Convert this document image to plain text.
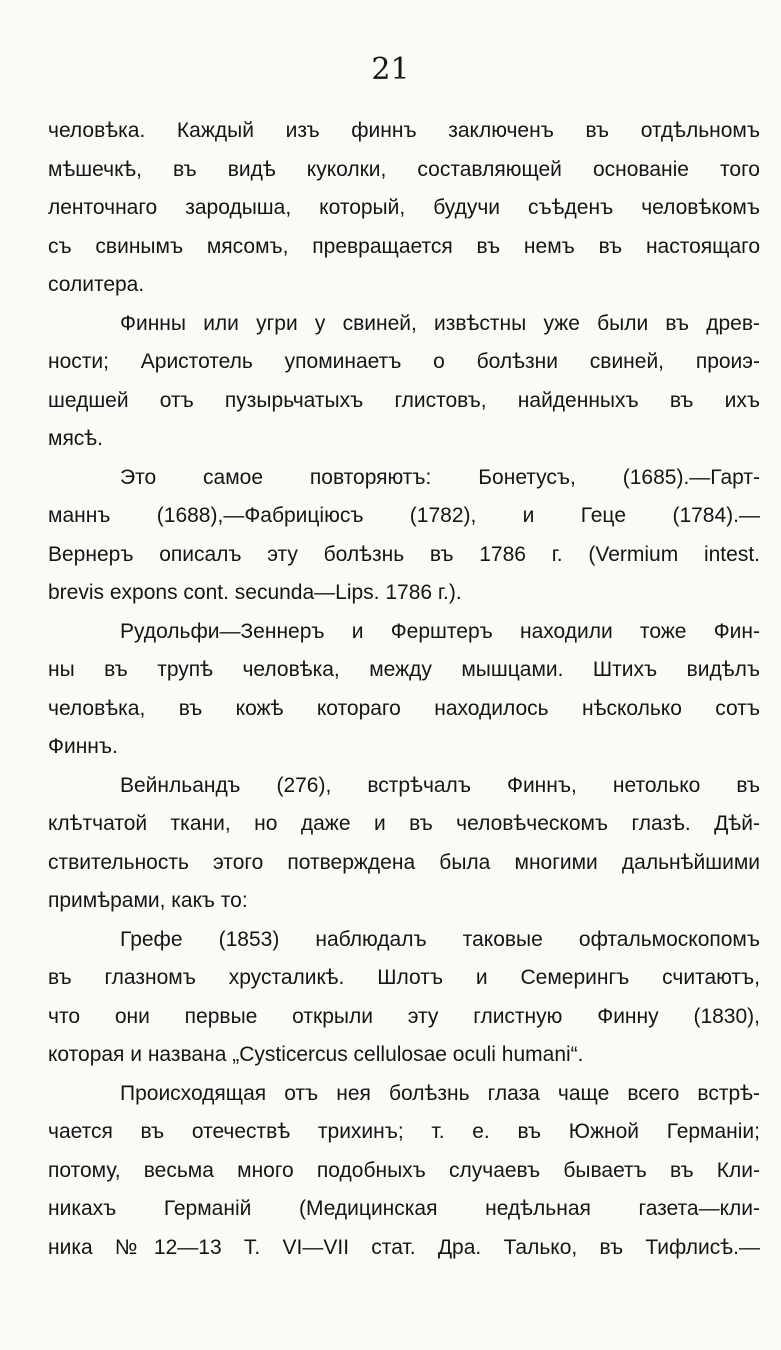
21
человѣка. Каждый изъ финнъ заключенъ въ отдѣльномъ
мѣшечкѣ, въ видѣ куколки, составляющей основаніе того
ленточнаго зародыша, который, будучи съѣденъ человѣкомъ
съ свинымъ мясомъ, превращается въ немъ въ настоящаго
солитера.
Финны или угри у свиней, извѣстны уже были въ древ-
ности; Аристотель упоминаетъ о болѣзни свиней, проиэ-
шедшей отъ пузырьчатыхъ глистовъ, найденныхъ въ ихъ
мясѣ.
Это самое повторяютъ: Бонетусъ, (1685).—Гарт-
маннъ (1688),—Фабриціюсъ (1782), и Гецe (1784).—
Вернеръ описалъ эту болѣзнь въ 1786 г. (Vermium intest.
brevis expons cont. secunda—Lips. 1786 г.).
Рудольфи—Зеннеръ и Ферштеръ находили тоже Фин-
ны въ трупѣ человѣка, между мышцами. Штихъ видѣлъ
человѣка, въ кожѣ котораго находилось нѣсколько сотъ
Финнъ.
Вейнльандъ (276), встрѣчалъ Финнъ, нетолько въ
клѣтчатой ткани, но даже и въ человѣческомъ глазѣ. Дѣй-
ствительность этого потверждена была многими дальнѣйшими
примѣрами, какъ то:
Грефе (1853) наблюдалъ таковые офтальмоскопомъ
въ глазномъ хрусталикѣ. Шлотъ и Семерингъ считаютъ,
что они первые открыли эту глистную Финну (1830),
которая и названа „Cysticercus cellulosae oculi humani“.
Происходящая отъ нея болѣзнь глаза чаще всего встрѣ-
чается въ отечествѣ трихинъ; т. е. въ Южной Германіи;
потому, весьма много подобныхъ случаевъ бываетъ въ Кли-
никахъ Германій (Медицинская недѣльная газета—кли-
ника №12—13 Т. VI—VII стат. Дра. Талько, въ Тифлисѣ.—
